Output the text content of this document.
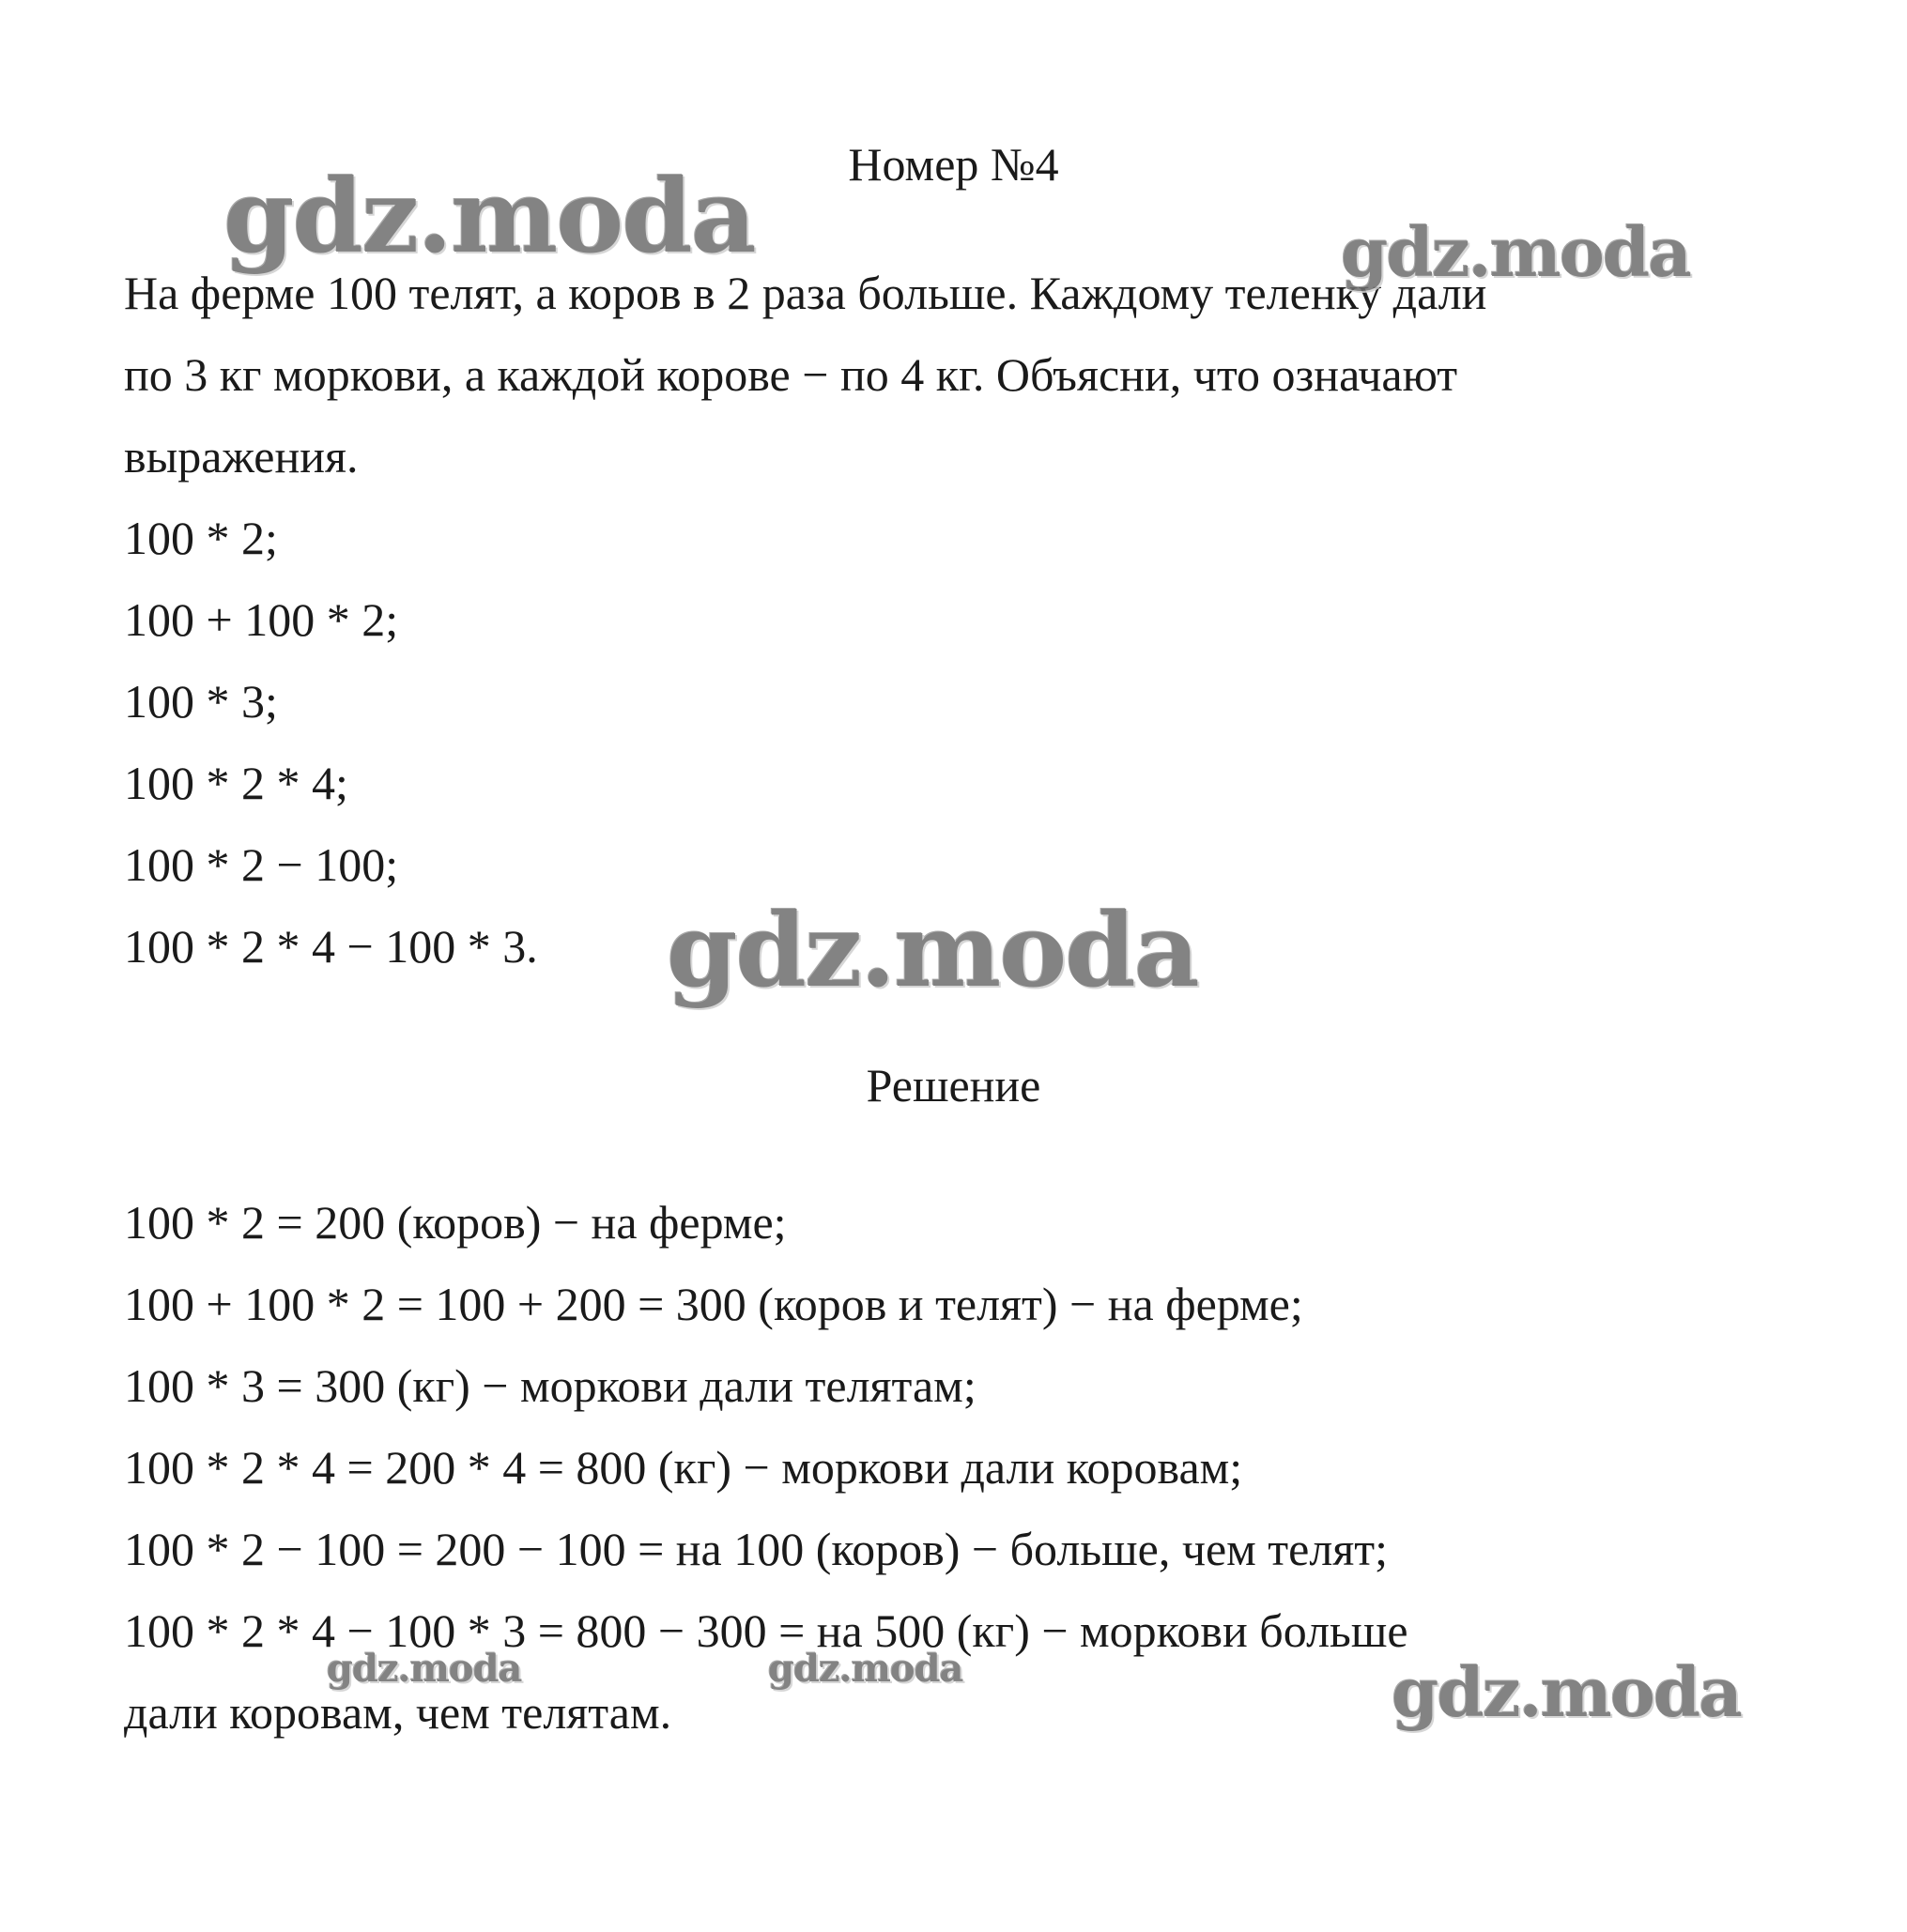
Номер №4
На ферме 100 телят, а коров в 2 раза больше. Каждому теленку дали
по 3 кг моркови, а каждой корове − по 4 кг. Объясни, что означают
выражения.
100 * 2;
100 + 100 * 2;
100 * 3;
100 * 2 * 4;
100 * 2 − 100;
100 * 2 * 4 − 100 * 3.
Решение
100 * 2 = 200 (коров) − на ферме;
100 + 100 * 2 = 100 + 200 = 300 (коров и телят) − на ферме;
100 * 3 = 300 (кг) − моркови дали телятам;
100 * 2 * 4 = 200 * 4 = 800 (кг) − моркови дали коровам;
100 * 2 − 100 = 200 − 100 = на 100 (коров) − больше, чем телят;
100 * 2 * 4 − 100 * 3 = 800 − 300 = на 500 (кг) − моркови больше
дали коровам, чем телятам.
gdz.moda	gdz.moda
gdz.moda
gdz.moda	gdz.moda	gdz.moda
